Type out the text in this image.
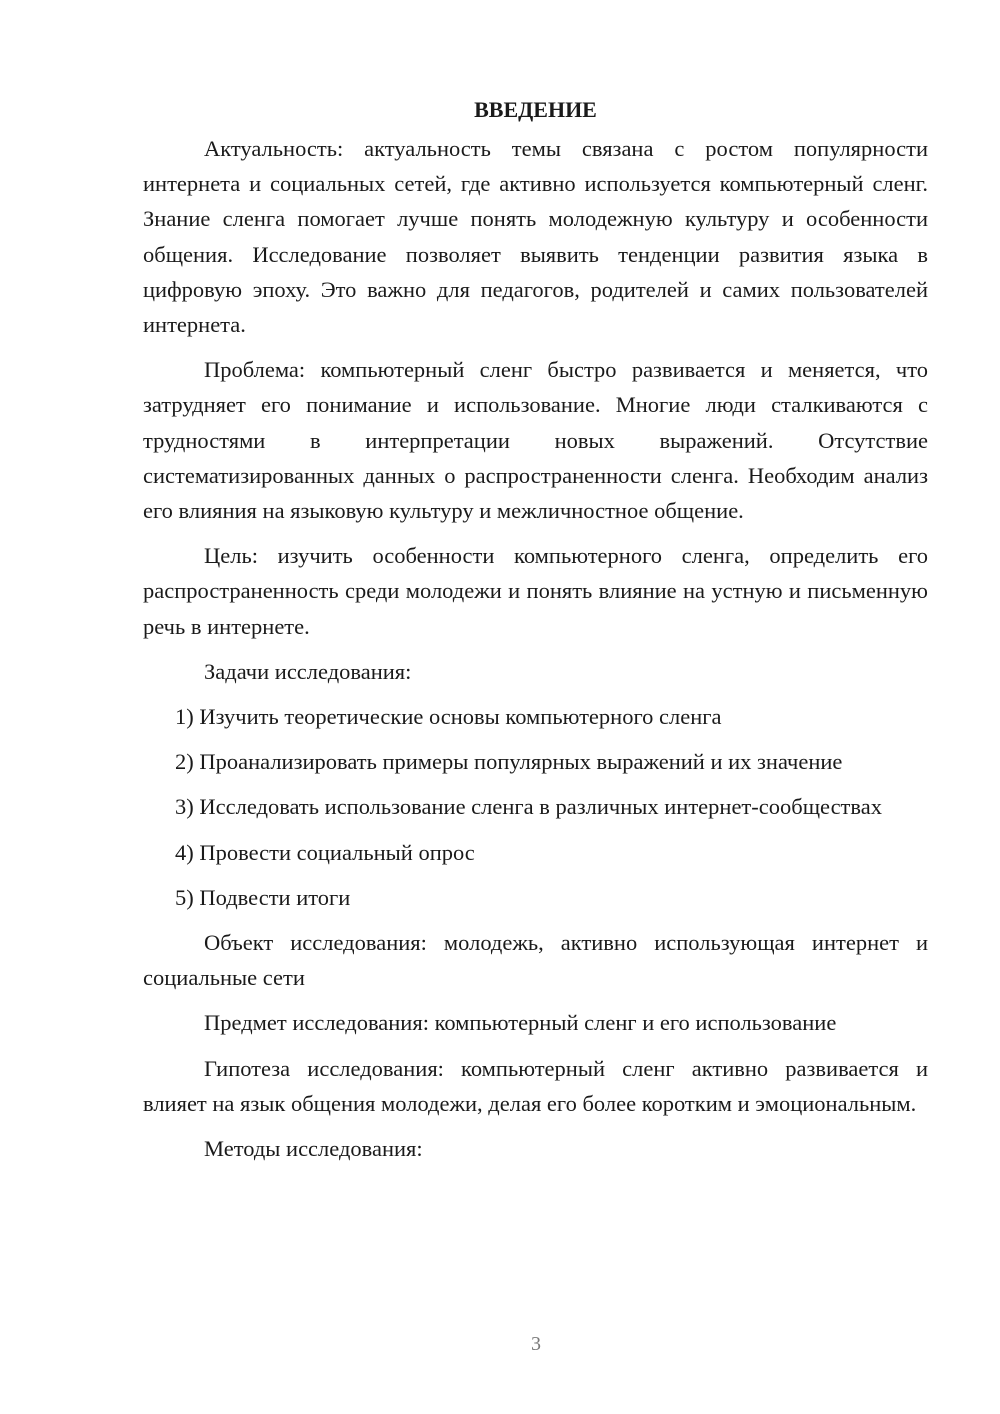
ВВЕДЕНИЕ

Актуальность: актуальность темы связана с ростом популярности интернета и социальных сетей, где активно используется компьютерный сленг. Знание сленга помогает лучше понять молодежную культуру и особенности общения. Исследование позволяет выявить тенденции развития языка в цифровую эпоху. Это важно для педагогов, родителей и самих пользователей интернета.

Проблема: компьютерный сленг быстро развивается и меняется, что затрудняет его понимание и использование. Многие люди сталкиваются с трудностями в интерпретации новых выражений. Отсутствие систематизированных данных о распространенности сленга. Необходим анализ его влияния на языковую культуру и межличностное общение.

Цель: изучить особенности компьютерного сленга, определить его распространенность среди молодежи и понять влияние на устную и письменную речь в интернете.

Задачи исследования:

1) Изучить теоретические основы компьютерного сленга

2) Проанализировать примеры популярных выражений и их значение

3) Исследовать использование сленга в различных интернет-сообществах

4) Провести социальный опрос

5) Подвести итоги

Объект исследования: молодежь, активно использующая интернет и социальные сети

Предмет исследования: компьютерный сленг и его использование

Гипотеза исследования: компьютерный сленг активно развивается и влияет на язык общения молодежи, делая его более коротким и эмоциональным.

Методы исследования:

3
